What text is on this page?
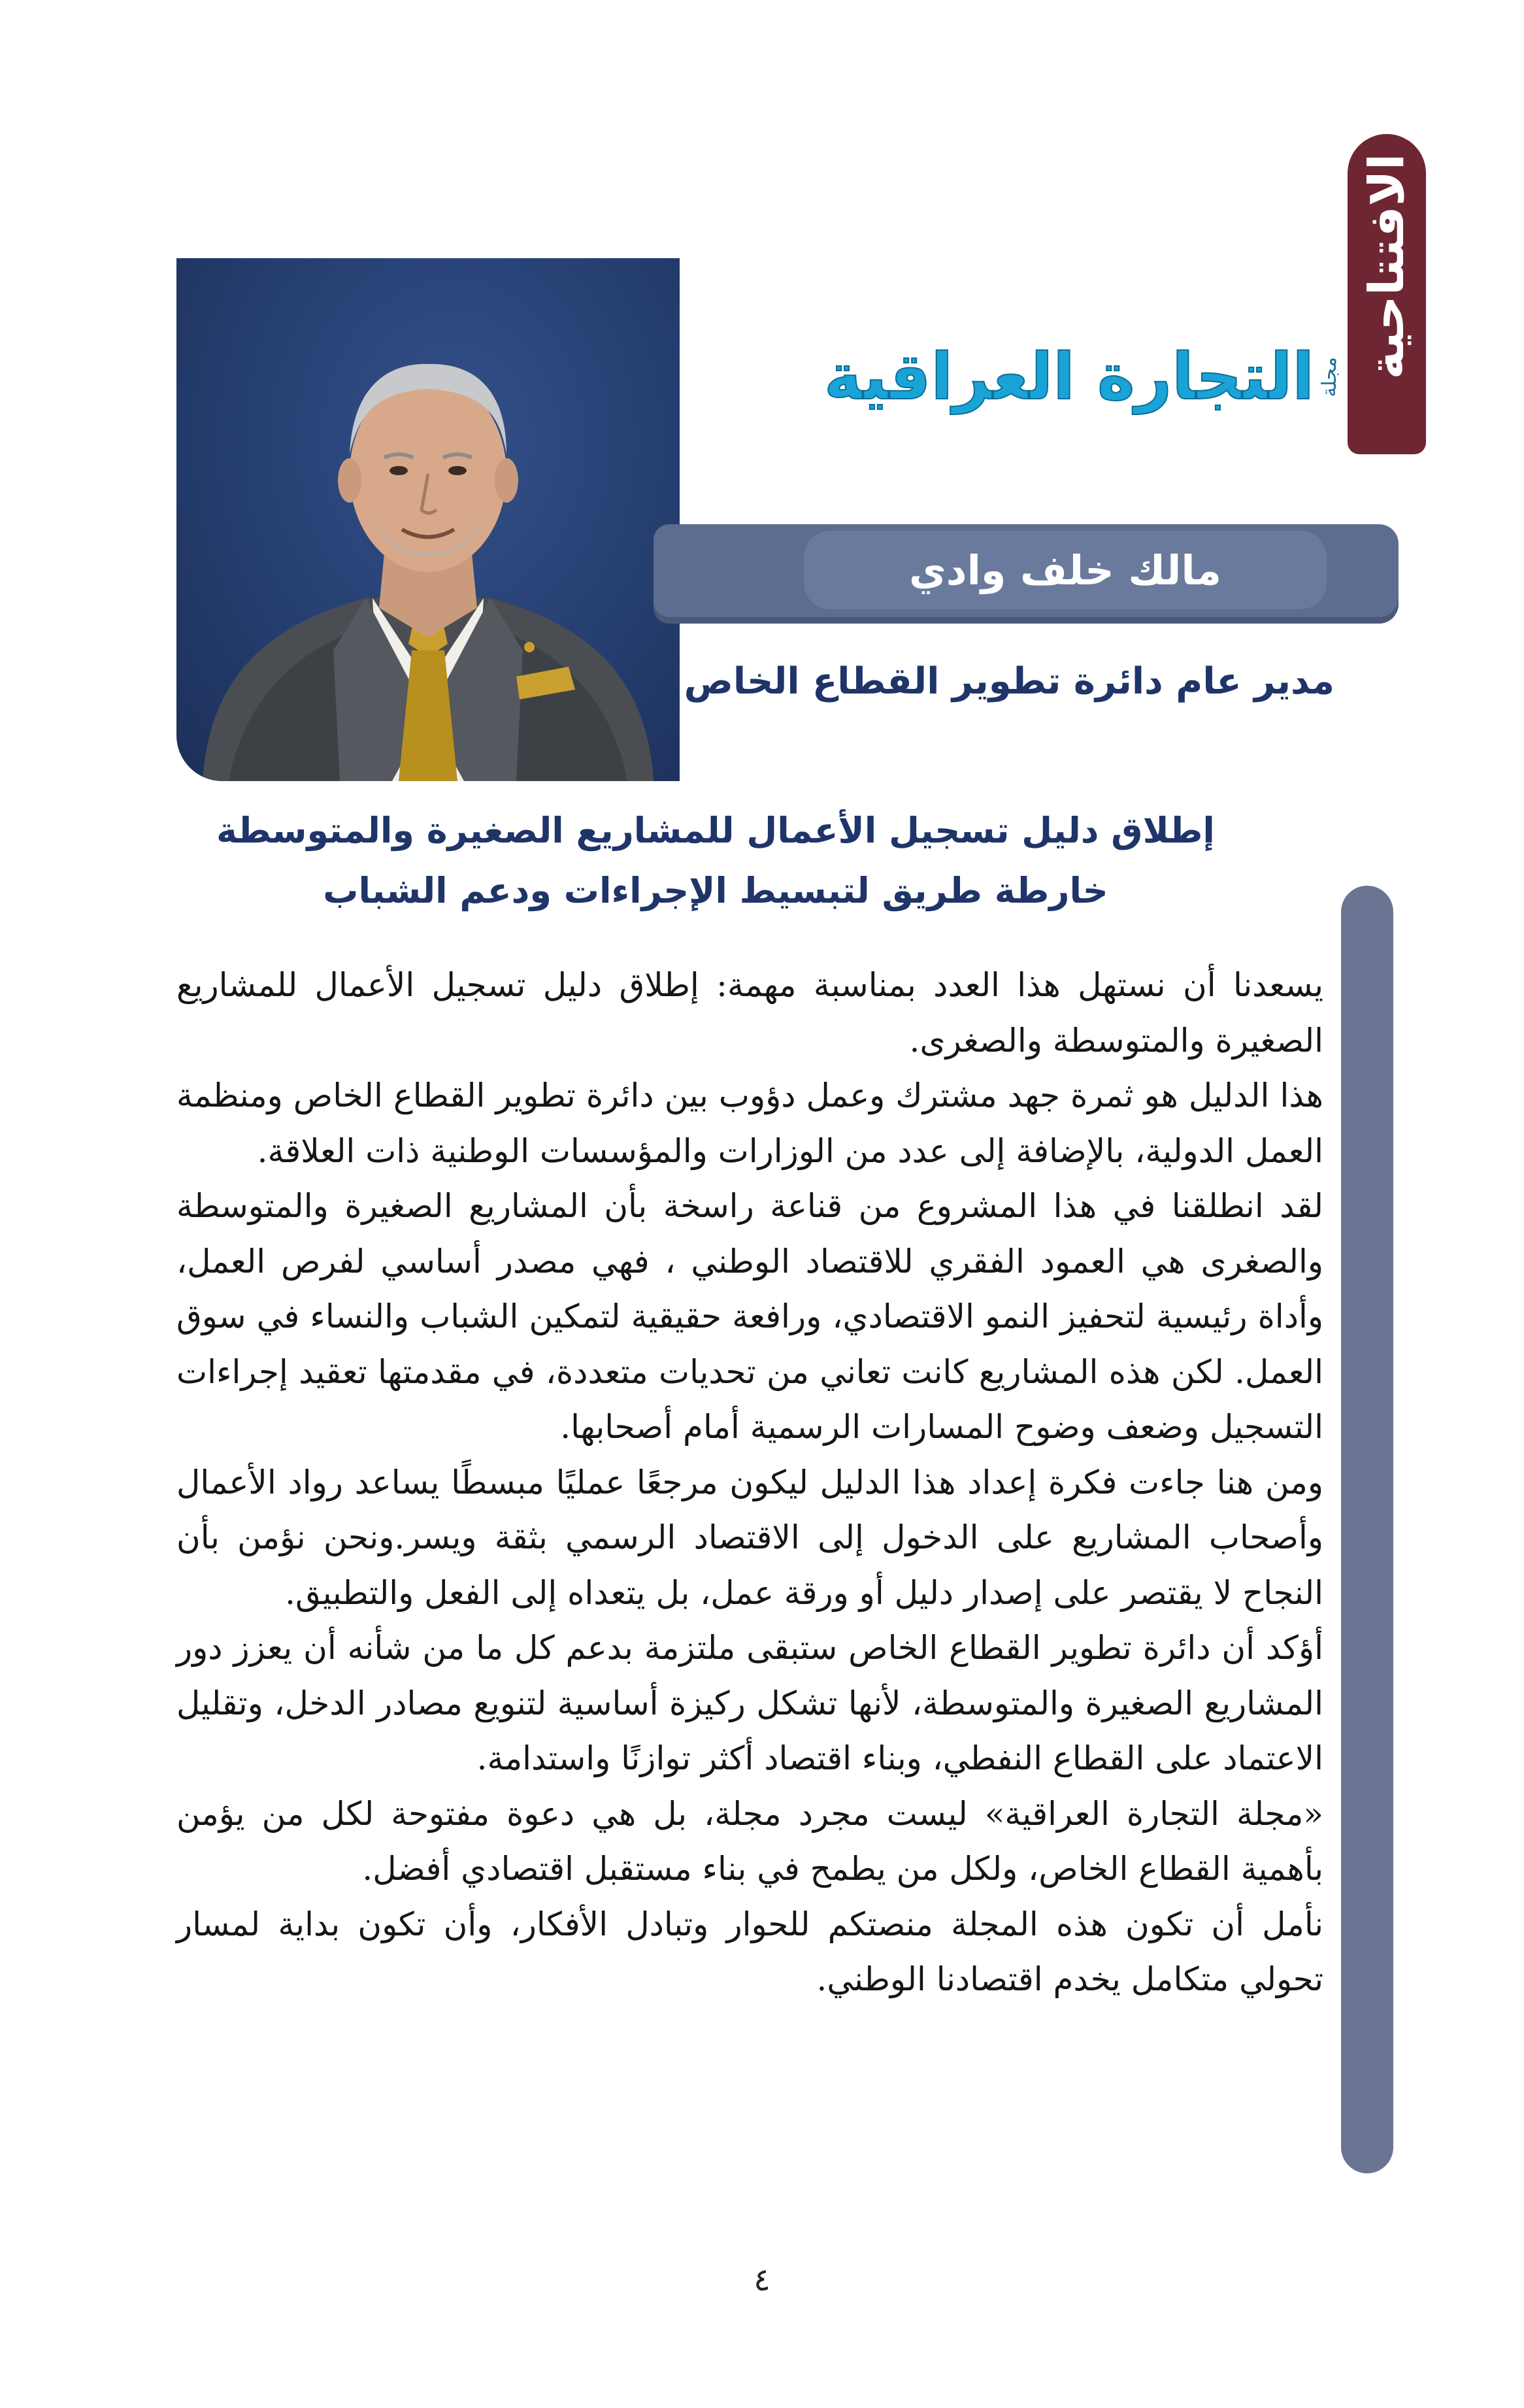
الافتتاحية
مجلة
التجارة العراقية
مالك خلف وادي
مدير عام دائرة تطوير القطاع الخاص
إطلاق دليل تسجيل الأعمال للمشاريع الصغيرة والمتوسطة
خارطة طريق لتبسيط الإجراءات ودعم الشباب

يسعدنا أن نستهل هذا العدد بمناسبة مهمة: إطلاق دليل تسجيل الأعمال للمشاريع الصغيرة والمتوسطة والصغرى.

هذا الدليل هو ثمرة جهد مشترك وعمل دؤوب بين دائرة تطوير القطاع الخاص ومنظمة العمل الدولية، بالإضافة إلى عدد من الوزارات والمؤسسات الوطنية ذات العلاقة.

لقد انطلقنا في هذا المشروع من قناعة راسخة بأن المشاريع الصغيرة والمتوسطة والصغرى هي العمود الفقري للاقتصاد الوطني ، فهي مصدر أساسي لفرص العمل، وأداة رئيسية لتحفيز النمو الاقتصادي، ورافعة حقيقية لتمكين الشباب والنساء في سوق العمل. لكن هذه المشاريع كانت تعاني من تحديات متعددة، في مقدمتها تعقيد إجراءات التسجيل وضعف وضوح المسارات الرسمية أمام أصحابها.

ومن هنا جاءت فكرة إعداد هذا الدليل ليكون مرجعًا عمليًا مبسطًا يساعد رواد الأعمال وأصحاب المشاريع على الدخول إلى الاقتصاد الرسمي بثقة ويسر.ونحن نؤمن بأن النجاح لا يقتصر على إصدار دليل أو ورقة عمل، بل يتعداه إلى الفعل والتطبيق.

أؤكد أن دائرة تطوير القطاع الخاص ستبقى ملتزمة بدعم كل ما من شأنه أن يعزز دور المشاريع الصغيرة والمتوسطة، لأنها تشكل ركيزة أساسية لتنويع مصادر الدخل، وتقليل الاعتماد على القطاع النفطي، وبناء اقتصاد أكثر توازنًا واستدامة.

«مجلة التجارة العراقية» ليست مجرد مجلة، بل هي دعوة مفتوحة لكل من يؤمن بأهمية القطاع الخاص، ولكل من يطمح في بناء مستقبل اقتصادي أفضل.

نأمل أن تكون هذه المجلة منصتكم للحوار وتبادل الأفكار، وأن تكون بداية لمسار تحولي متكامل يخدم اقتصادنا الوطني.

٤
